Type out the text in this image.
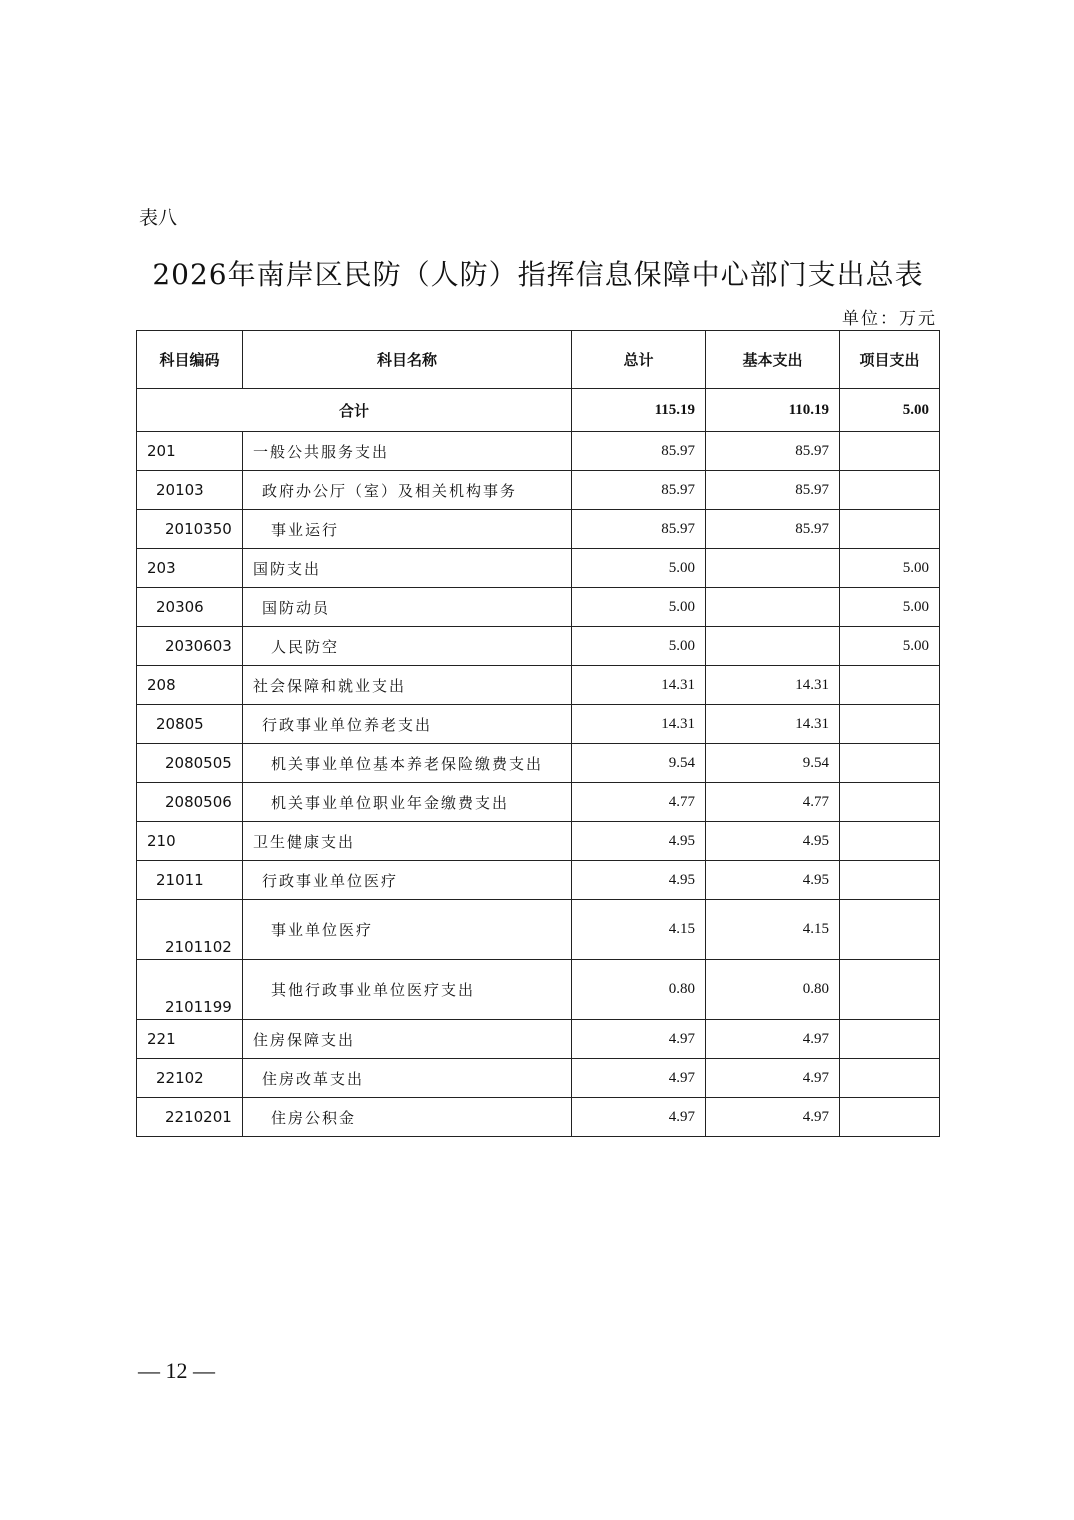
表八
2026年南岸区民防（人防）指挥信息保障中心部门支出总表
单位：万元
科目编码	科目名称	总计	基本支出	项目支出
合计		115.19	110.19	5.00
201	一般公共服务支出	85.97	85.97	
20103	政府办公厅（室）及相关机构事务	85.97	85.97	
2010350	事业运行	85.97	85.97	
203	国防支出	5.00		5.00
20306	国防动员	5.00		5.00
2030603	人民防空	5.00		5.00
208	社会保障和就业支出	14.31	14.31	
20805	行政事业单位养老支出	14.31	14.31	
2080505	机关事业单位基本养老保险缴费支出	9.54	9.54	
2080506	机关事业单位职业年金缴费支出	4.77	4.77	
210	卫生健康支出	4.95	4.95	
21011	行政事业单位医疗	4.95	4.95	
2101102	事业单位医疗	4.15	4.15	
2101199	其他行政事业单位医疗支出	0.80	0.80	
221	住房保障支出	4.97	4.97	
22102	住房改革支出	4.97	4.97	
2210201	住房公积金	4.97	4.97	
— 12 —
